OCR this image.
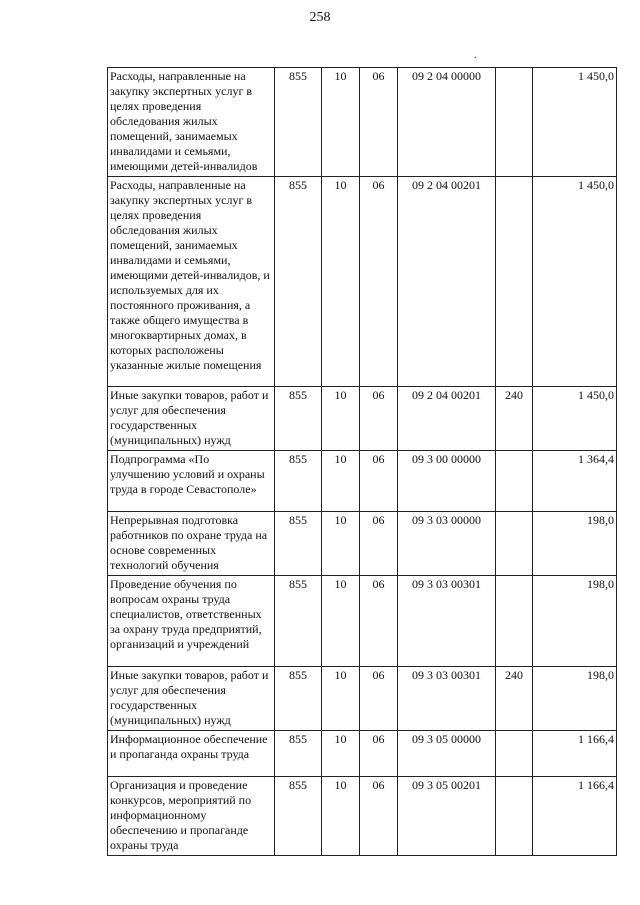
258
.
Расходы, направленные на закупку экспертных услуг в целях проведения обследования жилых помещений, занимаемых инвалидами и семьями, имеющими детей-инвалидов	855	10	06	09 2 04 00000		1 450,0
Расходы, направленные на закупку экспертных услуг в целях проведения обследования жилых помещений, занимаемых инвалидами и семьями, имеющими детей-инвалидов, и используемых для их постоянного проживания, а также общего имущества в многоквартирных домах, в которых расположены указанные жилые помещения	855	10	06	09 2 04 00201		1 450,0
Иные закупки товаров, работ и услуг для обеспечения государственных (муниципальных) нужд	855	10	06	09 2 04 00201	240	1 450,0
Подпрограмма «По улучшению условий и охраны труда в городе Севастополе»	855	10	06	09 3 00 00000		1 364,4
Непрерывная подготовка работников по охране труда на основе современных технологий обучения	855	10	06	09 3 03 00000		198,0
Проведение обучения по вопросам охраны труда специалистов, ответственных за охрану труда предприятий, организаций и учреждений	855	10	06	09 3 03 00301		198,0
Иные закупки товаров, работ и услуг для обеспечения государственных (муниципальных) нужд	855	10	06	09 3 03 00301	240	198,0
Информационное обеспечение и пропаганда охраны труда	855	10	06	09 3 05 00000		1 166,4
Организация и проведение конкурсов, мероприятий по информационному обеспечению и пропаганде охраны труда	855	10	06	09 3 05 00201		1 166,4
